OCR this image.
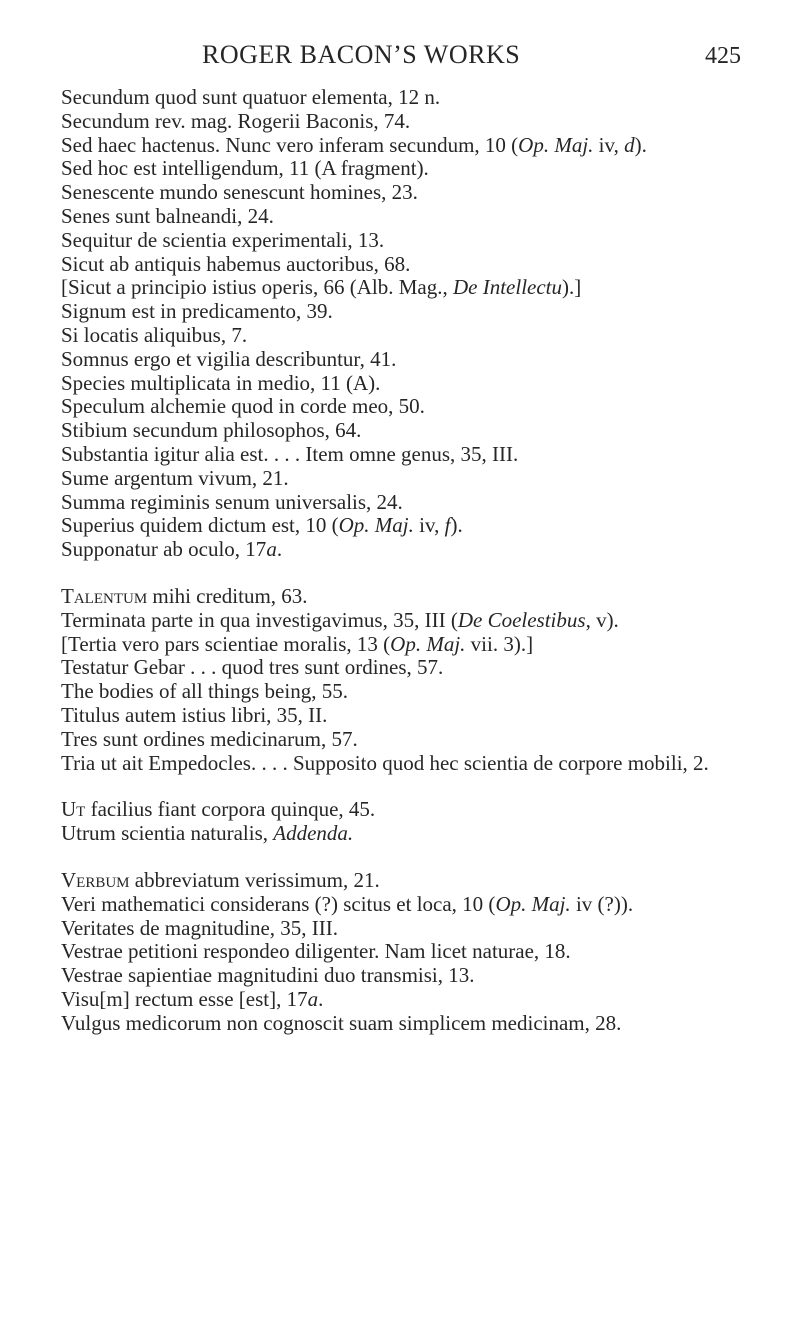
ROGER BACON’S WORKS	425

Secundum quod sunt quatuor elementa, 12 n.

Secundum rev. mag. Rogerii Baconis, 74.

Sed haec hactenus. Nunc vero inferam secundum, 10 (Op. Maj. iv, d).

Sed hoc est intelligendum, 11 (A fragment).

Senescente mundo senescunt homines, 23.

Senes sunt balneandi, 24.

Sequitur de scientia experimentali, 13.

Sicut ab antiquis habemus auctoribus, 68.

[Sicut a principio istius operis, 66 (Alb. Mag., De Intellectu).]

Signum est in predicamento, 39.

Si locatis aliquibus, 7.

Somnus ergo et vigilia describuntur, 41.

Species multiplicata in medio, 11 (A).

Speculum alchemie quod in corde meo, 50.

Stibium secundum philosophos, 64.

Substantia igitur alia est. . . . Item omne genus, 35, III.

Sume argentum vivum, 21.

Summa regiminis senum universalis, 24.

Superius quidem dictum est, 10 (Op. Maj. iv, f).

Supponatur ab oculo, 17a.

Talentum mihi creditum, 63.

Terminata parte in qua investigavimus, 35, III (De Coelestibus, v).

[Tertia vero pars scientiae moralis, 13 (Op. Maj. vii. 3).]

Testatur Gebar . . . quod tres sunt ordines, 57.

The bodies of all things being, 55.

Titulus autem istius libri, 35, II.

Tres sunt ordines medicinarum, 57.

Tria ut ait Empedocles. . . . Supposito quod hec scientia de corpore mobili, 2.

Ut facilius fiant corpora quinque, 45.

Utrum scientia naturalis, Addenda.

Verbum abbreviatum verissimum, 21.

Veri mathematici considerans (?) scitus et loca, 10 (Op. Maj. iv (?)).

Veritates de magnitudine, 35, III.

Vestrae petitioni respondeo diligenter. Nam licet naturae, 18.

Vestrae sapientiae magnitudini duo transmisi, 13.

Visu[m] rectum esse [est], 17a.

Vulgus medicorum non cognoscit suam simplicem medicinam, 28.
